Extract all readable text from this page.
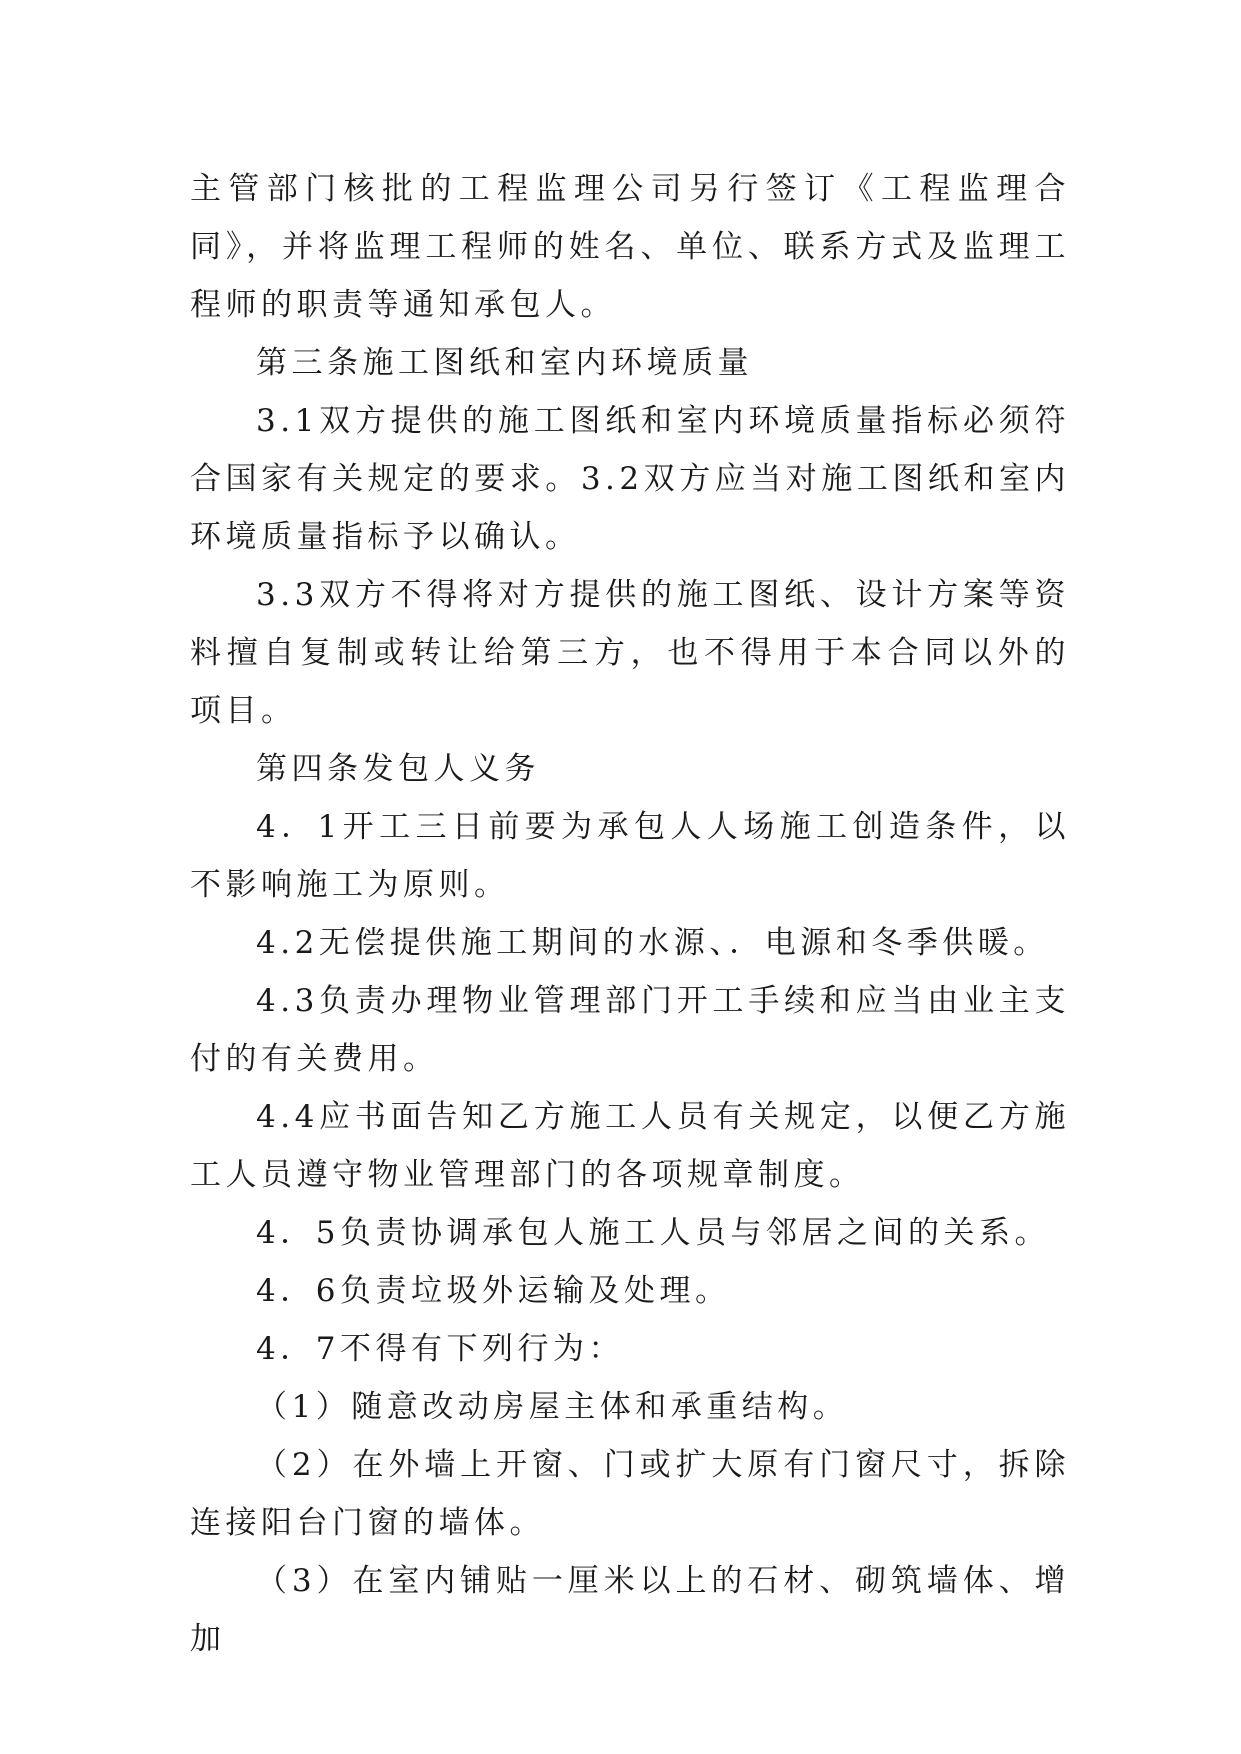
主管部门核批的工程监理公司另行签订《工程监理合同》，并将监理工程师的姓名、单位、联系方式及监理工程师的职责等通知承包人。

第三条施工图纸和室内环境质量

3.1双方提供的施工图纸和室内环境质量指标必须符合国家有关规定的要求。3.2双方应当对施工图纸和室内环境质量指标予以确认。

3.3双方不得将对方提供的施工图纸、设计方案等资料擅自复制或转让给第三方，也不得用于本合同以外的项目。

第四条发包人义务

4．1开工三日前要为承包人人场施工创造条件，以不影响施工为原则。

4.2无偿提供施工期间的水源、．电源和冬季供暖。

4.3负责办理物业管理部门开工手续和应当由业主支付的有关费用。

4.4应书面告知乙方施工人员有关规定，以便乙方施工人员遵守物业管理部门的各项规章制度。

4．5负责协调承包人施工人员与邻居之间的关系。

4．6负责垃圾外运输及处理。

4．7不得有下列行为：

（1）随意改动房屋主体和承重结构。

（2）在外墙上开窗、门或扩大原有门窗尺寸，拆除连接阳台门窗的墙体。

（3）在室内铺贴一厘米以上的石材、砌筑墙体、增加
